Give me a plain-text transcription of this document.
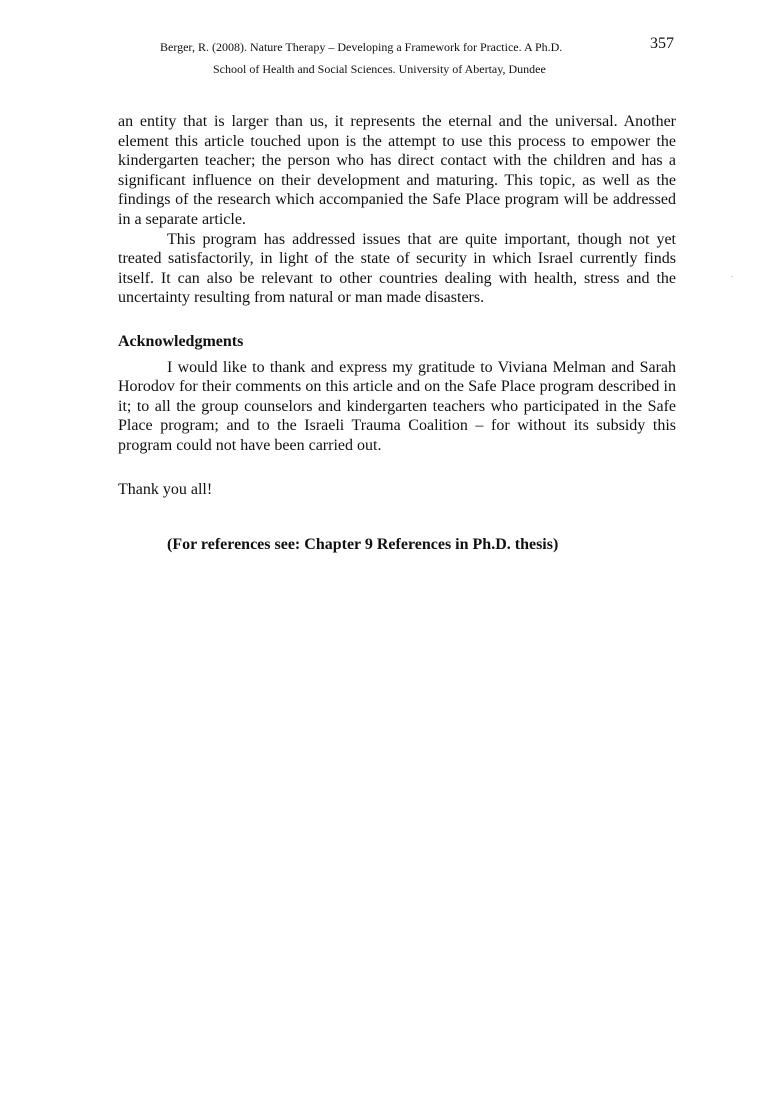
Berger, R. (2008). Nature Therapy – Developing a Framework for Practice. A Ph.D.	357
School of Health and Social Sciences. University of Abertay, Dundee

an entity that is larger than us, it represents the eternal and the universal. Another element this article touched upon is the attempt to use this process to empower the kindergarten teacher; the person who has direct contact with the children and has a significant influence on their development and maturing. This topic, as well as the findings of the research which accompanied the Safe Place program will be addressed in a separate article.

This program has addressed issues that are quite important, though not yet treated satisfactorily, in light of the state of security in which Israel currently finds itself. It can also be relevant to other countries dealing with health, stress and the uncertainty resulting from natural or man made disasters.

Acknowledgments

I would like to thank and express my gratitude to Viviana Melman and Sarah Horodov for their comments on this article and on the Safe Place program described in it; to all the group counselors and kindergarten teachers who participated in the Safe Place program; and to the Israeli Trauma Coalition – for without its subsidy this program could not have been carried out.

Thank you all!

(For references see: Chapter 9 References in Ph.D. thesis)
